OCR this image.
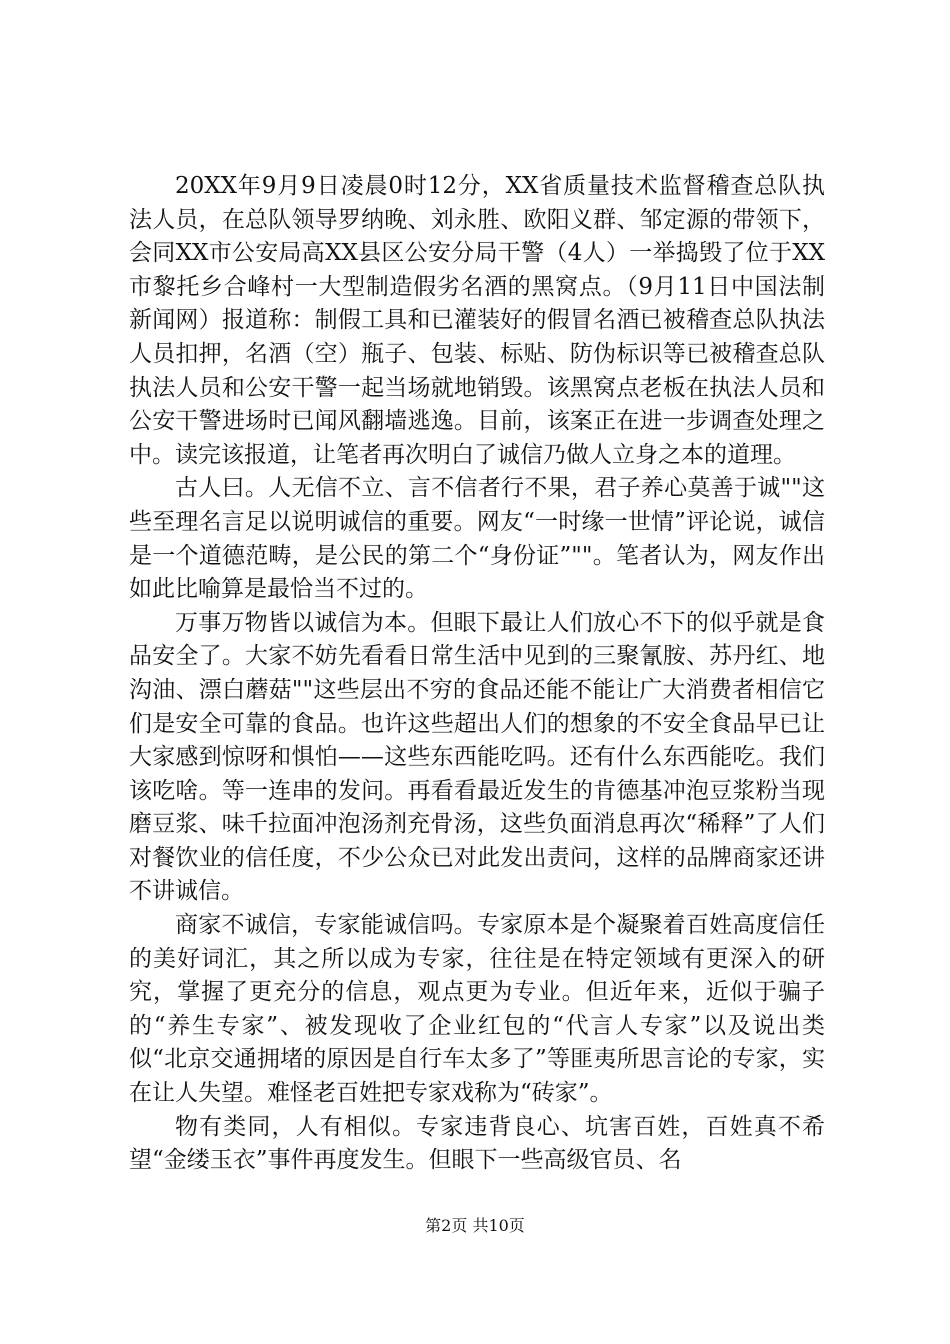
20XX年9月9日凌晨0时12分，XX省质量技术监督稽查总队执法人员，在总队领导罗纳晚、刘永胜、欧阳义群、邹定源的带领下，会同XX市公安局高XX县区公安分局干警（4人）一举捣毁了位于XX市黎托乡合峰村一大型制造假劣名酒的黑窝点。（9月11日中国法制新闻网）报道称：制假工具和已灌装好的假冒名酒已被稽查总队执法人员扣押，名酒（空）瓶子、包装、标贴、防伪标识等已被稽查总队执法人员和公安干警一起当场就地销毁。该黑窝点老板在执法人员和公安干警进场时已闻风翻墙逃逸。目前，该案正在进一步调查处理之中。读完该报道，让笔者再次明白了诚信乃做人立身之本的道理。

古人曰。人无信不立、言不信者行不果，君子养心莫善于诚""这些至理名言足以说明诚信的重要。网友“一时缘一世情”评论说，诚信是一个道德范畴，是公民的第二个“身份证”""。笔者认为，网友作出如此比喻算是最恰当不过的。

万事万物皆以诚信为本。但眼下最让人们放心不下的似乎就是食品安全了。大家不妨先看看日常生活中见到的三聚氰胺、苏丹红、地沟油、漂白蘑菇""这些层出不穷的食品还能不能让广大消费者相信它们是安全可靠的食品。也许这些超出人们的想象的不安全食品早已让大家感到惊呀和惧怕——这些东西能吃吗。还有什么东西能吃。我们该吃啥。等一连串的发问。再看看最近发生的肯德基冲泡豆浆粉当现磨豆浆、味千拉面冲泡汤剂充骨汤，这些负面消息再次“稀释”了人们对餐饮业的信任度，不少公众已对此发出责问，这样的品牌商家还讲不讲诚信。

商家不诚信，专家能诚信吗。专家原本是个凝聚着百姓高度信任的美好词汇，其之所以成为专家，往往是在特定领域有更深入的研究，掌握了更充分的信息，观点更为专业。但近年来，近似于骗子的“养生专家”、被发现收了企业红包的“代言人专家”以及说出类似“北京交通拥堵的原因是自行车太多了”等匪夷所思言论的专家，实在让人失望。难怪老百姓把专家戏称为“砖家”。

物有类同，人有相似。专家违背良心、坑害百姓，百姓真不希望“金缕玉衣”事件再度发生。但眼下一些高级官员、名

第2页 共10页
